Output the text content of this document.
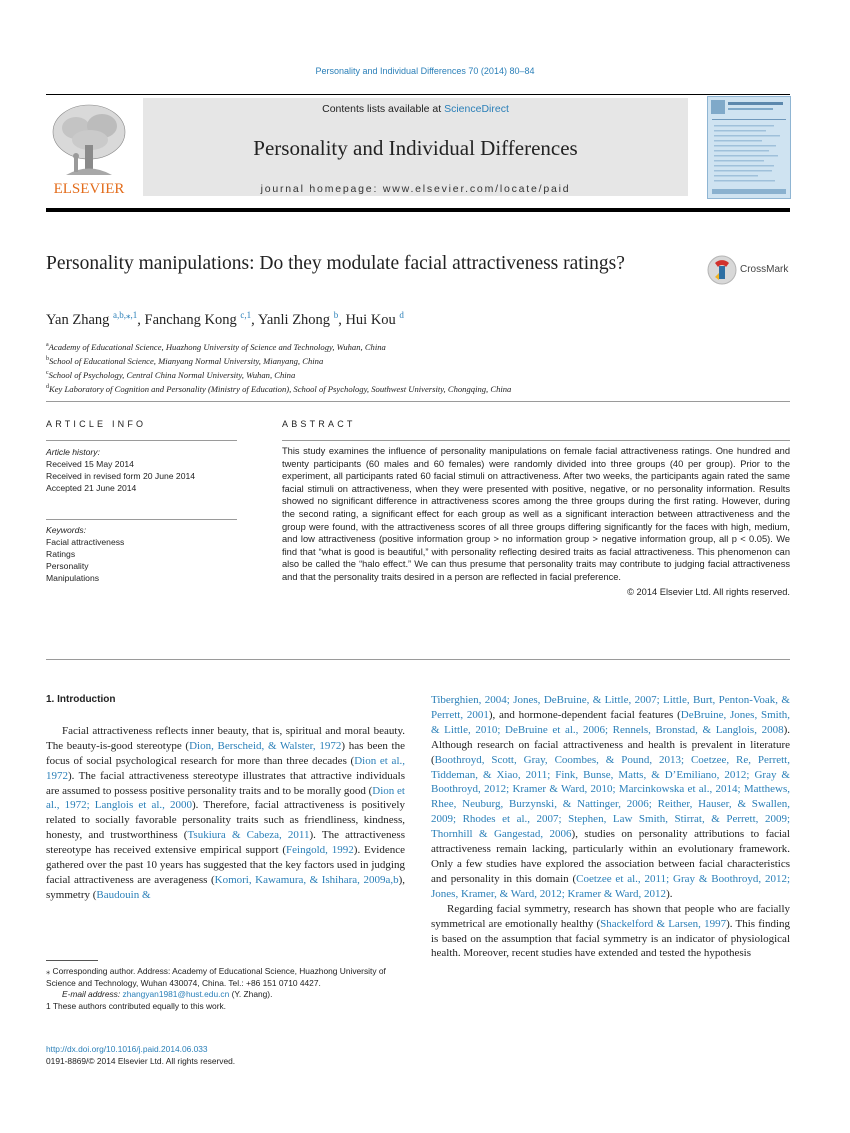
Personality and Individual Differences 70 (2014) 80–84
ELSEVIER
Contents lists available at ScienceDirect
Personality and Individual Differences
journal homepage: www.elsevier.com/locate/paid
Personality manipulations: Do they modulate facial attractiveness ratings?	CrossMark
Yan Zhang $^{a,b,⁎,1}$, Fanchang Kong $^{c,1}$, Yanli Zhong $^b$, Hui Kou $^d$
$^a$Academy of Educational Science, Huazhong University of Science and Technology, Wuhan, China
$^b$School of Educational Science, Mianyang Normal University, Mianyang, China
$^c$School of Psychology, Central China Normal University, Wuhan, China
$^d$Key Laboratory of Cognition and Personality (Ministry of Education), School of Psychology, Southwest University, Chongqing, China
ARTICLE INFO	ABSTRACT
Article history:
Received 15 May 2014
Received in revised form 20 June 2014
Accepted 21 June 2014
Keywords:
Facial attractiveness
Ratings
Personality
Manipulations

This study examines the influence of personality manipulations on female facial attractiveness ratings. One hundred and twenty participants (60 males and 60 females) were randomly divided into three groups (40 per group). Prior to the experiment, all participants rated 60 facial stimuli on attractiveness. After two weeks, the participants again rated the same facial stimuli on attractiveness, when they were presented with positive, negative, or no personality information. Results showed no significant difference in attractiveness scores among the three groups during the first rating. However, during the second rating, a significant effect for each group as well as a significant interaction between attractiveness and the group were found, with the attractiveness scores of all three groups differing significantly for the faces with high, medium, and low attractiveness (positive information group > no information group > negative information group, all p < 0.05). We find that “what is good is beautiful,” with personality reflecting desired traits as facial attractiveness. This phenomenon can also be called the “halo effect.” We can thus presume that personality traits may contribute to judging facial attractiveness and that the personality traits desired in a person are reflected in facial preference.

© 2014 Elsevier Ltd. All rights reserved.

1. Introduction

Facial attractiveness reflects inner beauty, that is, spiritual and moral beauty. The beauty-is-good stereotype (Dion, Berscheid, & Walster, 1972) has been the focus of social psychological research for more than three decades (Dion et al., 1972). The facial attractiveness stereotype illustrates that attractive individuals are assumed to possess positive personality traits and to be morally good (Dion et al., 1972; Langlois et al., 2000). Therefore, facial attractiveness is positively related to socially favorable personality traits such as friendliness, kindness, honesty, and trustworthiness (Tsukiura & Cabeza, 2011). The attractiveness stereotype has received extensive empirical support (Feingold, 1992). Evidence gathered over the past 10 years has suggested that the key factors used in judging facial attractiveness are averageness (Komori, Kawamura, & Ishihara, 2009a,b), symmetry (Baudouin &

Tiberghien, 2004; Jones, DeBruine, & Little, 2007; Little, Burt, Penton-Voak, & Perrett, 2001), and hormone-dependent facial features (DeBruine, Jones, Smith, & Little, 2010; DeBruine et al., 2006; Rennels, Bronstad, & Langlois, 2008). Although research on facial attractiveness and health is prevalent in literature (Boothroyd, Scott, Gray, Coombes, & Pound, 2013; Coetzee, Re, Perrett, Tiddeman, & Xiao, 2011; Fink, Bunse, Matts, & D’Emiliano, 2012; Gray & Boothroyd, 2012; Kramer & Ward, 2010; Marcinkowska et al., 2014; Matthews, Rhee, Neuburg, Burzynski, & Nattinger, 2006; Reither, Hauser, & Swallen, 2009; Rhodes et al., 2007; Stephen, Law Smith, Stirrat, & Perrett, 2009; Thornhill & Gangestad, 2006), studies on personality attributions to facial attractiveness remain lacking, particularly within an evolutionary framework. Only a few studies have explored the association between facial characteristics and personality in this domain (Coetzee et al., 2011; Gray & Boothroyd, 2012; Jones, Kramer, & Ward, 2012; Kramer & Ward, 2012).

Regarding facial symmetry, research has shown that people who are facially symmetrical are emotionally healthy (Shackelford & Larsen, 1997). This finding is based on the assumption that facial symmetry is an indicator of physiological health. Moreover, recent studies have extended and tested the hypothesis

⁎ Corresponding author. Address: Academy of Educational Science, Huazhong University of Science and Technology, Wuhan 430074, China. Tel.: +86 151 0710 4427.

E-mail address: zhangyan1981@hust.edu.cn (Y. Zhang).

1 These authors contributed equally to this work.

http://dx.doi.org/10.1016/j.paid.2014.06.033
0191-8869/© 2014 Elsevier Ltd. All rights reserved.
